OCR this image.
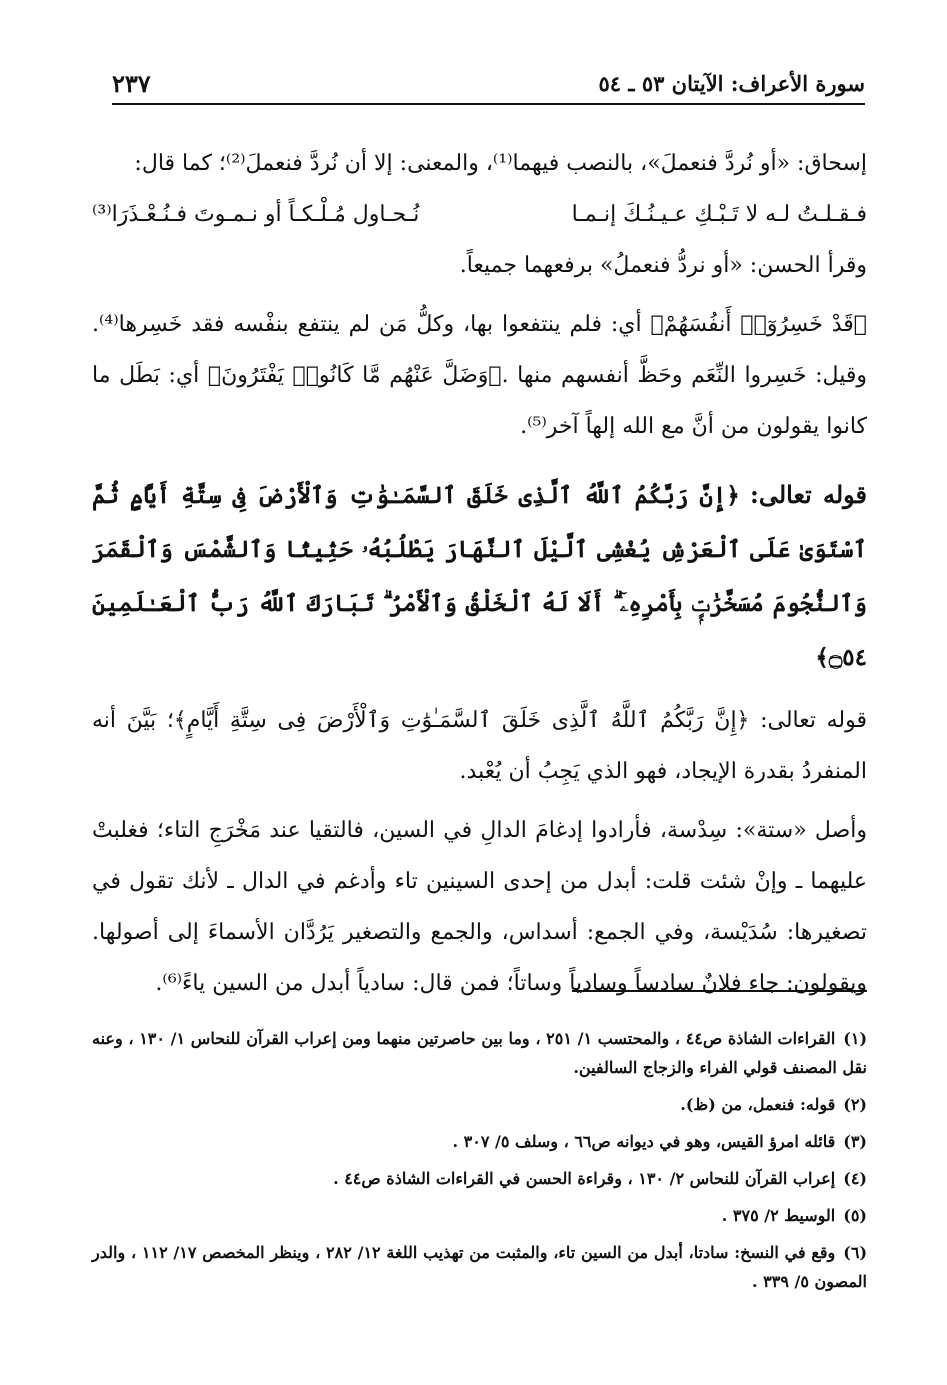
سورة الأعراف: الآيتان ٥٣ ـ ٥٤
٢٣٧

إسحاق: «أو نُردَّ فنعملَ»، بالنصب فيهما⁽¹⁾، والمعنى: إلا أن نُردَّ فنعملَ⁽²⁾؛ كما قال:

فـقـلـتُ لـه لا تَـبْـكِ عـيـنُـكَ إنـمـا
نُـحـاول مُـلْـكـاً أو نـمـوتَ فـنُـعْـذَرَا⁽³⁾

وقرأ الحسن: «أو نردُّ فنعملُ» برفعهما جميعاً.

﴿قَدْ خَسِرُوٓا۟ أَنفُسَهُمْ﴾ أي: فلم ينتفعوا بها، وكلُّ مَن لم ينتفع بنفْسه فقد خَسِرها⁽⁴⁾. وقيل: خَسِروا النِّعَم وحَظَّ أنفسهم منها .﴿وَضَلَّ عَنْهُم مَّا كَانُوا۟ يَفْتَرُونَ﴾ أي: بَطَل ما كانوا يقولون من أنَّ مع الله إلهاً آخر⁽⁵⁾.

قوله تعالى: ﴿إِنَّ رَبَّكُمُ ٱللَّهُ ٱلَّذِى خَلَقَ ٱلسَّمَـٰوَٰتِ وَٱلْأَرْضَ فِى سِتَّةِ أَيَّامٍ ثُمَّ ٱسْتَوَىٰ عَلَى ٱلْعَرْشِ يُغْشِى ٱلَّيْلَ ٱلنَّهَارَ يَطْلُبُهُۥ حَثِيثًا وَٱلشَّمْسَ وَٱلْقَمَرَ وَٱلنُّجُومَ مُسَخَّرَٰتٍۭ بِأَمْرِهِۦٓ ۗ أَلَا لَهُ ٱلْخَلْقُ وَٱلْأَمْرُ ۗ تَبَارَكَ ٱللَّهُ رَبُّ ٱلْعَـٰلَمِينَ ۝٥٤﴾

قوله تعالى: ﴿إِنَّ رَبَّكُمُ ٱللَّهُ ٱلَّذِى خَلَقَ ٱلسَّمَـٰوَٰتِ وَٱلْأَرْضَ فِى سِتَّةِ أَيَّامٍ﴾؛ بَيَّنَ أنه المنفردُ بقدرة الإيجاد، فهو الذي يَجِبُ أن يُعْبد.

وأصل «ستة»: سِدْسة، فأرادوا إدغامَ الدالِ في السين، فالتقيا عند مَخْرَجِ التاء؛ فغلبتْ عليهما ـ وإنْ شئت قلت: أبدل من إحدى السينين تاء وأدغم في الدال ـ لأنك تقول في تصغيرها: سُدَيْسة، وفي الجمع: أسداس، والجمع والتصغير يَرُدَّان الأسماءَ إلى أصولها. ويقولون: جاء فلانٌ سادساً وسادياً وساتاً؛ فمن قال: سادياً أبدل من السين ياءً⁽⁶⁾.

(١)القراءات الشاذة ص٤٤ ، والمحتسب ١/ ٢٥١ ، وما بين حاصرتين منهما ومن إعراب القرآن للنحاس ١/ ١٣٠ ، وعنه نقل المصنف قولي الفراء والزجاج السالفين.

(٢)قوله: فنعمل، من (ظ).

(٣)قائله امرؤ القيس، وهو في ديوانه ص٦٦ ، وسلف ٥/ ٣٠٧ .

(٤)إعراب القرآن للنحاس ٢/ ١٣٠ ، وقراءة الحسن في القراءات الشاذة ص٤٤ .

(٥)الوسيط ٢/ ٣٧٥ .

(٦)وقع في النسخ: سادتا، أبدل من السين تاء، والمثبت من تهذيب اللغة ١٢/ ٢٨٢ ، وينظر المخصص ١٧/ ١١٢ ، والدر المصون ٥/ ٣٣٩ .
